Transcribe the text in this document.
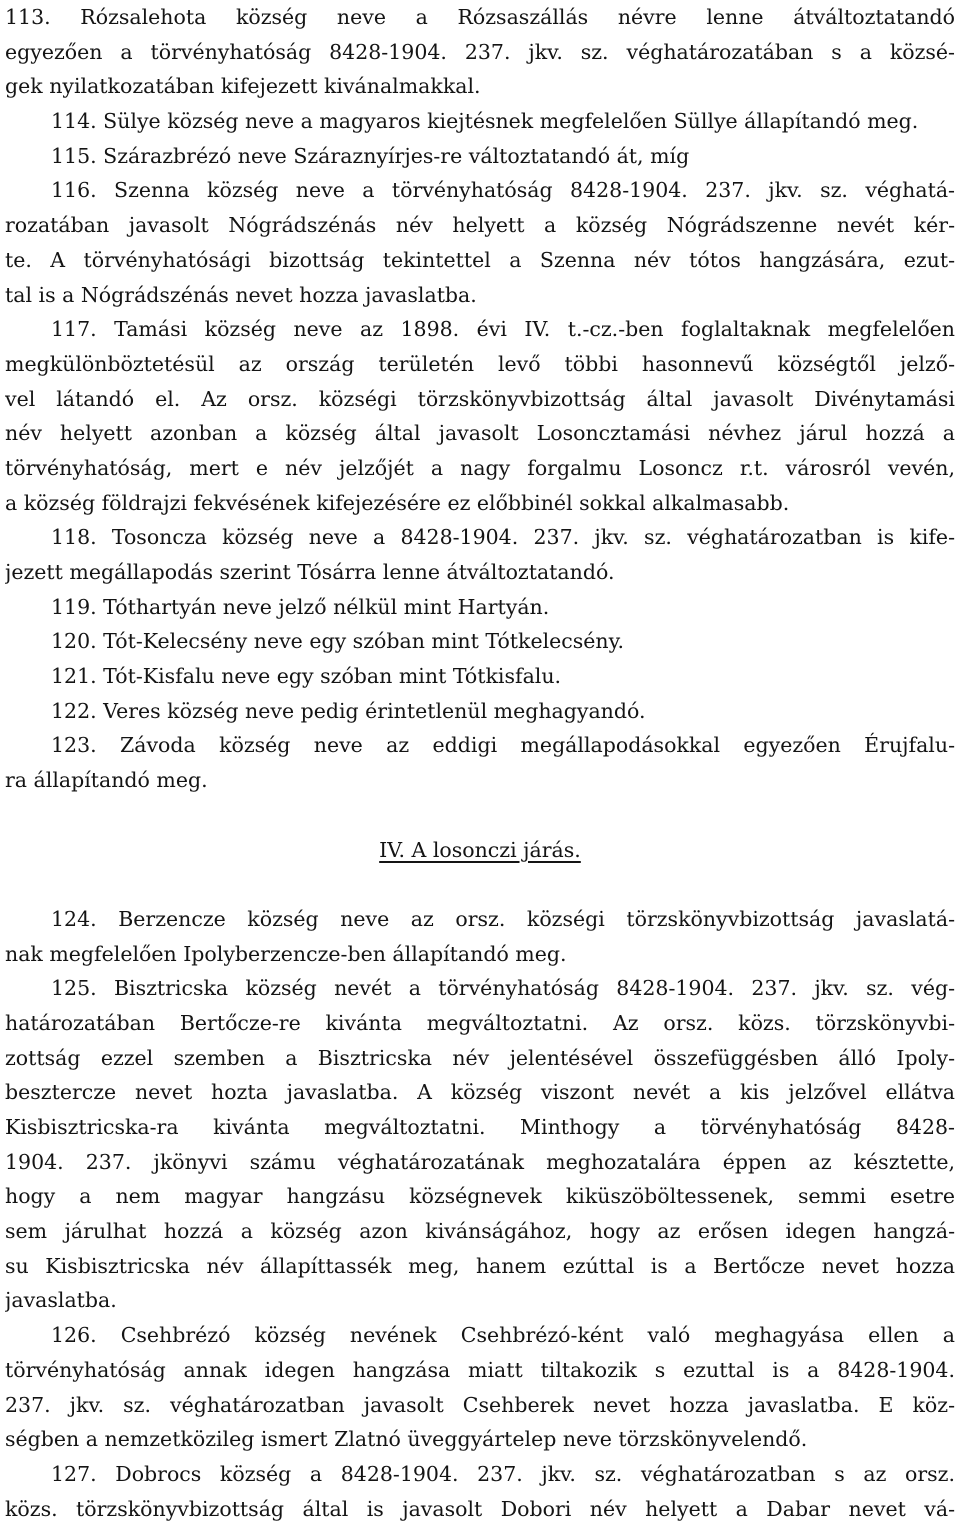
113. Rózsalehota község neve a Rózsaszállás névre lenne átváltoztatandó
egyezően a törvényhatóság 8428-1904. 237. jkv. sz. véghatározatában s a közsé-
gek nyilatkozatában kifejezett kivánalmakkal.
114. Sülye község neve a magyaros kiejtésnek megfelelően Süllye állapítandó meg.
115. Szárazbrézó neve Száraznyírjes-re változtatandó át, míg
116. Szenna község neve a törvényhatóság 8428-1904. 237. jkv. sz. véghatá-
rozatában javasolt Nógrádszénás név helyett a község Nógrádszenne nevét kér-
te. A törvényhatósági bizottság tekintettel a Szenna név tótos hangzására, ezut-
tal is a Nógrádszénás nevet hozza javaslatba.
117. Tamási község neve az 1898. évi IV. t.-cz.-ben foglaltaknak megfelelően
megkülönböztetésül az ország területén levő többi hasonnevű községtől jelző-
vel látandó el. Az orsz. községi törzskönyvbizottság által javasolt Divénytamási
név helyett azonban a község által javasolt Losoncztamási névhez járul hozzá a
törvényhatóság, mert e név jelzőjét a nagy forgalmu Losoncz r.t. városról vevén,
a község földrajzi fekvésének kifejezésére ez előbbinél sokkal alkalmasabb.
118. Tosoncza község neve a 8428-1904. 237. jkv. sz. véghatározatban is kife-
jezett megállapodás szerint Tósárra lenne átváltoztatandó.
119. Tóthartyán neve jelző nélkül mint Hartyán.
120. Tót-Kelecsény neve egy szóban mint Tótkelecsény.
121. Tót-Kisfalu neve egy szóban mint Tótkisfalu.
122. Veres község neve pedig érintetlenül meghagyandó.
123. Závoda község neve az eddigi megállapodásokkal egyezően Érujfalu-
ra állapítandó meg.
IV. A losonczi járás.
124. Berzencze község neve az orsz. községi törzskönyvbizottság javaslatá-
nak megfelelően Ipolyberzencze-ben állapítandó meg.
125. Bisztricska község nevét a törvényhatóság 8428-1904. 237. jkv. sz. vég-
határozatában Bertőcze-re kivánta megváltoztatni. Az orsz. közs. törzskönyvbi-
zottság ezzel szemben a Bisztricska név jelentésével összefüggésben álló Ipoly-
besztercze nevet hozta javaslatba. A község viszont nevét a kis jelzővel ellátva
Kisbisztricska-ra kivánta megváltoztatni. Minthogy a törvényhatóság 8428-
1904. 237. jkönyvi számu véghatározatának meghozatalára éppen az késztette,
hogy a nem magyar hangzásu községnevek kiküszöböltessenek, semmi esetre
sem járulhat hozzá a község azon kivánságához, hogy az erősen idegen hangzá-
su Kisbisztricska név állapíttassék meg, hanem ezúttal is a Bertőcze nevet hozza
javaslatba.
126. Csehbrézó község nevének Csehbrézó-ként való meghagyása ellen a
törvényhatóság annak idegen hangzása miatt tiltakozik s ezuttal is a 8428-1904.
237. jkv. sz. véghatározatban javasolt Csehberek nevet hozza javaslatba. E köz-
ségben a nemzetközileg ismert Zlatnó üveggyártelep neve törzskönyvelendő.
127. Dobrocs község a 8428-1904. 237. jkv. sz. véghatározatban s az orsz.
közs. törzskönyvbizottság által is javasolt Dobori név helyett a Dabar nevet vá-
